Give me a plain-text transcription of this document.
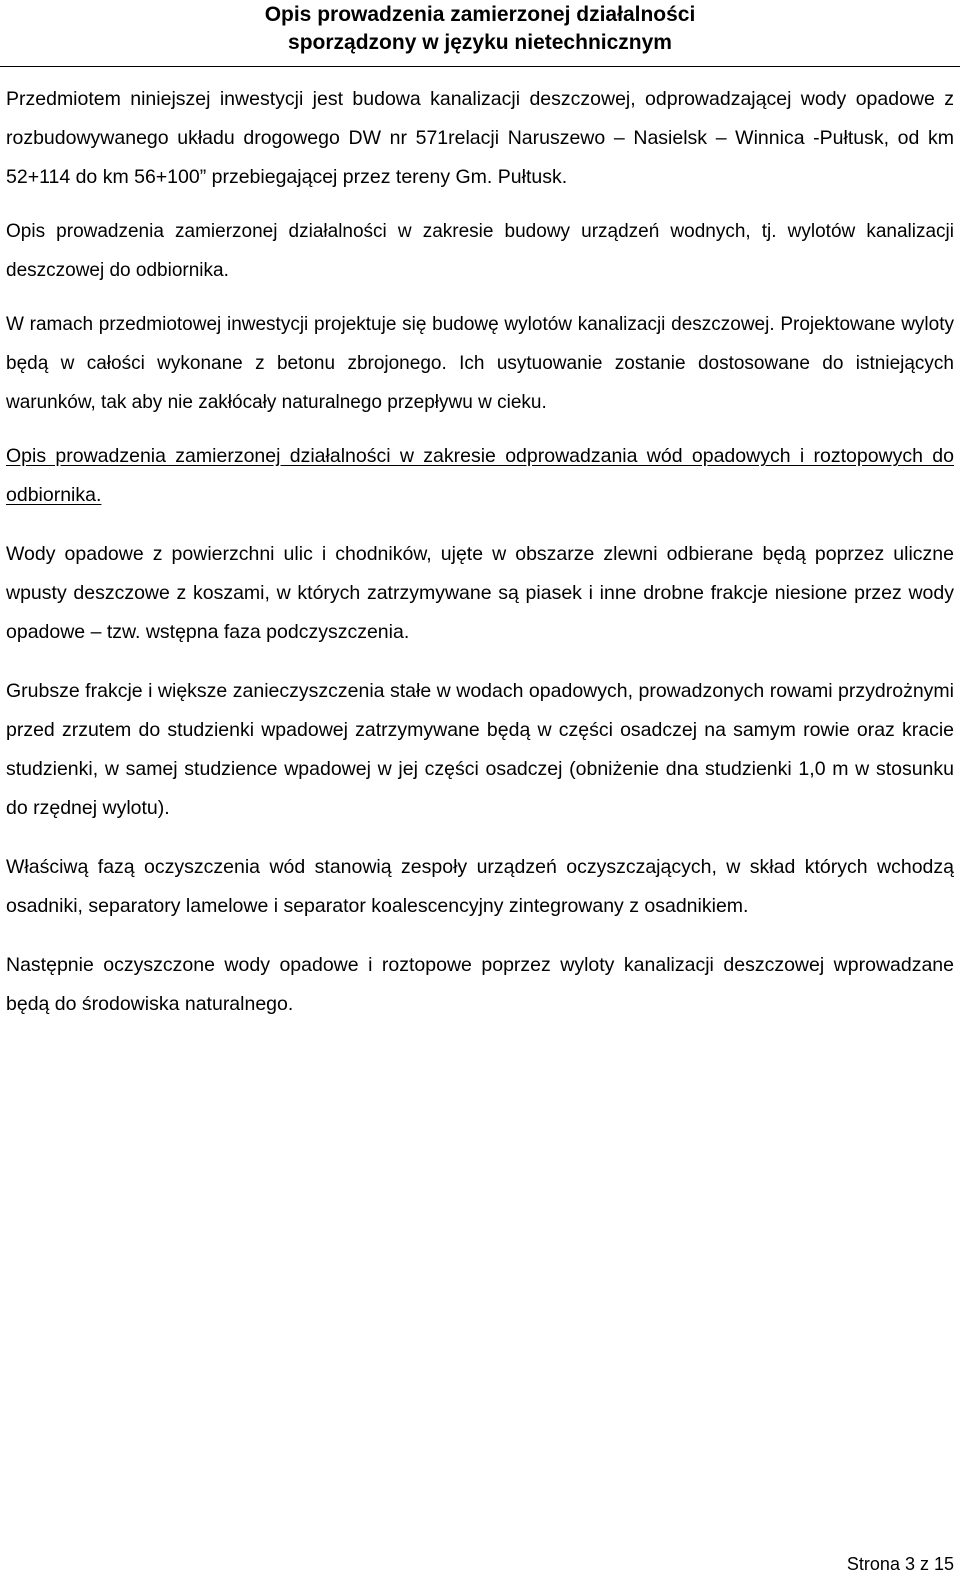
Opis prowadzenia zamierzonej działalności
sporządzony w języku nietechnicznym

Przedmiotem niniejszej inwestycji jest budowa kanalizacji deszczowej, odprowadzającej wody opadowe z rozbudowywanego układu drogowego DW nr 571relacji Naruszewo – Nasielsk – Winnica -Pułtusk, od km 52+114 do km 56+100” przebiegającej przez tereny Gm. Pułtusk.

Opis prowadzenia zamierzonej działalności w zakresie budowy urządzeń wodnych, tj. wylotów kanalizacji deszczowej do odbiornika.

W ramach przedmiotowej inwestycji projektuje się budowę wylotów kanalizacji deszczowej. Projektowane wyloty będą w całości wykonane z betonu zbrojonego. Ich usytuowanie zostanie dostosowane do istniejących warunków, tak aby nie zakłócały naturalnego przepływu w cieku.

Opis prowadzenia zamierzonej działalności w zakresie odprowadzania wód opadowych i roztopowych do odbiornika.

Wody opadowe z powierzchni ulic i chodników, ujęte w obszarze zlewni odbierane będą poprzez uliczne wpusty deszczowe z koszami, w których zatrzymywane są piasek i inne drobne frakcje niesione przez wody opadowe – tzw. wstępna faza podczyszczenia.

Grubsze frakcje i większe zanieczyszczenia stałe w wodach opadowych, prowadzonych rowami przydrożnymi przed zrzutem do studzienki wpadowej zatrzymywane będą w części osadczej na samym rowie oraz kracie studzienki, w samej studzience wpadowej w jej części osadczej (obniżenie dna studzienki 1,0 m w stosunku do rzędnej wylotu).

Właściwą fazą oczyszczenia wód stanowią zespoły urządzeń oczyszczających, w skład których wchodzą osadniki, separatory lamelowe i separator koalescencyjny zintegrowany z osadnikiem.

Następnie oczyszczone wody opadowe i roztopowe poprzez wyloty kanalizacji deszczowej wprowadzane będą do środowiska naturalnego.

Strona 3 z 15
